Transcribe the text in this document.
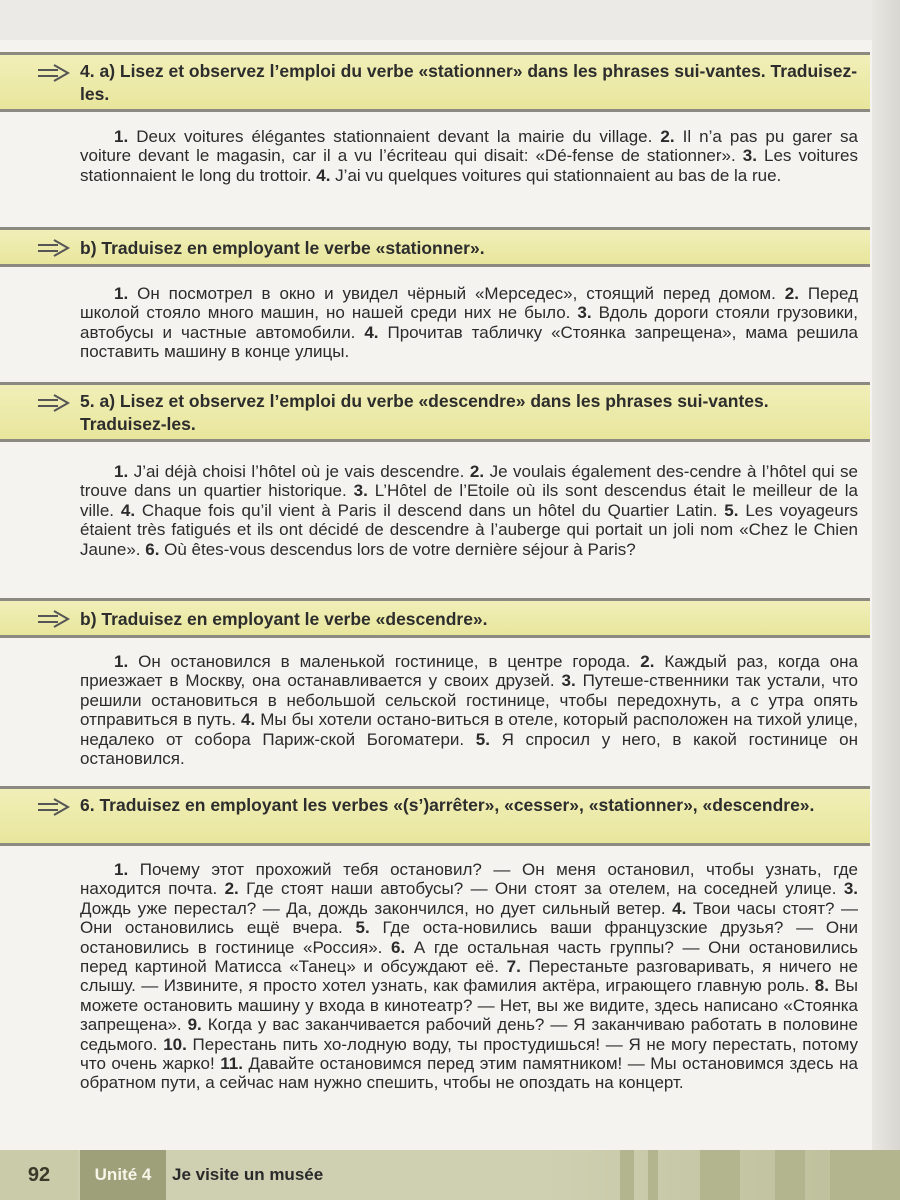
4. a) Lisez et observez l’emploi du verbe «stationner» dans les phrases sui-vantes. Traduisez-les.
1. Deux voitures élégantes stationnaient devant la mairie du village. 2. Il n’a pas pu garer sa voiture devant le magasin, car il a vu l’écriteau qui disait: «Dé-fense de stationner». 3. Les voitures stationnaient le long du trottoir. 4. J’ai vu quelques voitures qui stationnaient au bas de la rue.
b) Traduisez en employant le verbe «stationner».
1. Он посмотрел в окно и увидел чёрный «Мерседес», стоящий перед домом. 2. Перед школой стояло много машин, но нашей среди них не было. 3. Вдоль дороги стояли грузовики, автобусы и частные автомобили. 4. Прочитав табличку «Стоянка запрещена», мама решила поставить машину в конце улицы.
5. a) Lisez et observez l’emploi du verbe «descendre» dans les phrases sui-vantes. Traduisez-les.
1. J’ai déjà choisi l’hôtel où je vais descendre. 2. Je voulais également des-cendre à l’hôtel qui se trouve dans un quartier historique. 3. L’Hôtel de l’Etoile où ils sont descendus était le meilleur de la ville. 4. Chaque fois qu’il vient à Paris il descend dans un hôtel du Quartier Latin. 5. Les voyageurs étaient très fatigués et ils ont décidé de descendre à l’auberge qui portait un joli nom «Chez le Chien Jaune». 6. Où êtes-vous descendus lors de votre dernière séjour à Paris?
b) Traduisez en employant le verbe «descendre».
1. Он остановился в маленькой гостинице, в центре города. 2. Каждый раз, когда она приезжает в Москву, она останавливается у своих друзей. 3. Путеше-ственники так устали, что решили остановиться в небольшой сельской гостинице, чтобы передохнуть, а с утра опять отправиться в путь. 4. Мы бы хотели остано-виться в отеле, который расположен на тихой улице, недалеко от собора Париж-ской Богоматери. 5. Я спросил у него, в какой гостинице он остановился.
6. Traduisez en employant les verbes «(s’)arrêter», «cesser», «stationner», «descendre».
1. Почему этот прохожий тебя остановил? — Он меня остановил, чтобы узнать, где находится почта. 2. Где стоят наши автобусы? — Они стоят за отелем, на соседней улице. 3. Дождь уже перестал? — Да, дождь закончился, но дует сильный ветер. 4. Твои часы стоят? — Они остановились ещё вчера. 5. Где оста-новились ваши французские друзья? — Они остановились в гостинице «Россия». 6. А где остальная часть группы? — Они остановились перед картиной Матисса «Танец» и обсуждают её. 7. Перестаньте разговаривать, я ничего не слышу. — Извините, я просто хотел узнать, как фамилия актёра, играющего главную роль. 8. Вы можете остановить машину у входа в кинотеатр? — Нет, вы же видите, здесь написано «Стоянка запрещена». 9. Когда у вас заканчивается рабочий день? — Я заканчиваю работать в половине седьмого. 10. Перестань пить хо-лодную воду, ты простудишься! — Я не могу перестать, потому что очень жарко! 11. Давайте остановимся перед этим памятником! — Мы остановимся здесь на обратном пути, а сейчас нам нужно спешить, чтобы не опоздать на концерт.
92	Unité 4	Je visite un musée
